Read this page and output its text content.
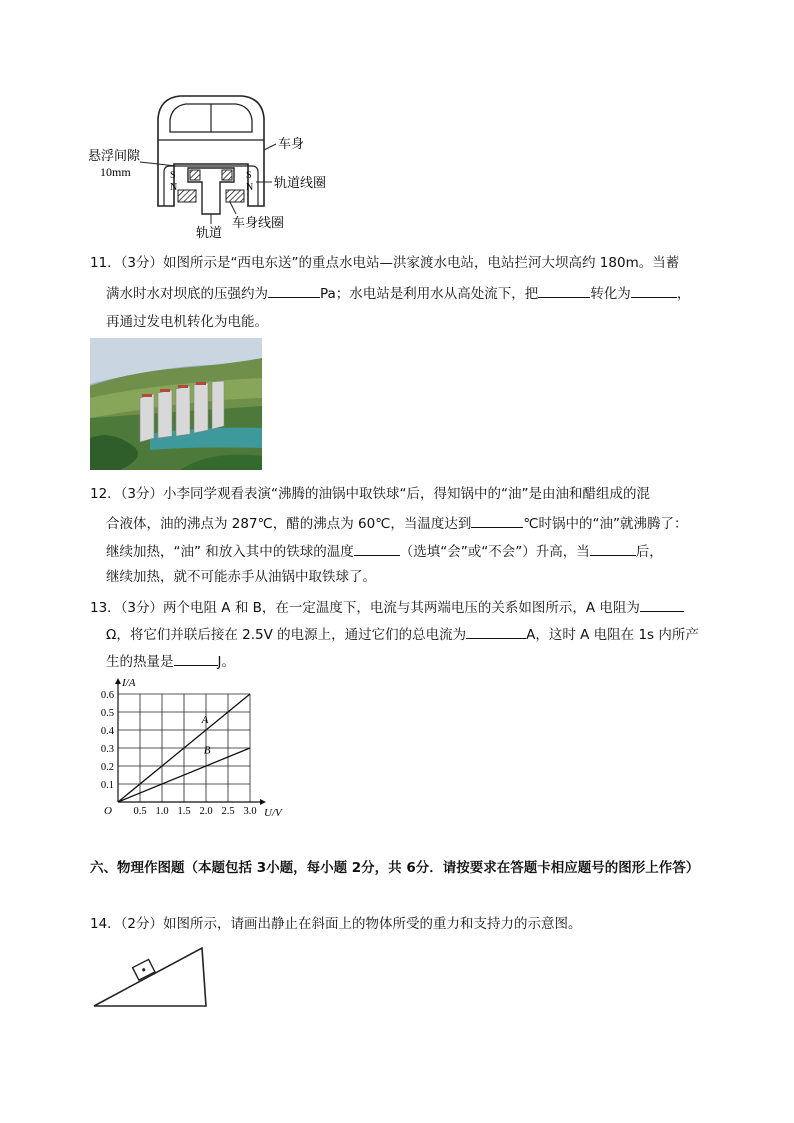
S
N
S
N
悬浮间隙
10mm
车身
轨道线圈
轨道
车身线圈
11．（3分）如图所示是“西电东送”的重点水电站—洪家渡水电站，电站拦河大坝高约 180m。当蓄
满水时水对坝底的压强约为	Pa；水电站是利用水从高处流下，把	转化为	，
再通过发电机转化为电能。
12．（3分）小李同学观看表演“沸腾的油锅中取铁球“后，得知锅中的“油”是由油和醋组成的混
合液体，油的沸点为 287℃，醋的沸点为 60℃，当温度达到	℃时锅中的“油”就沸腾了：
继续加热，“油” 和放入其中的铁球的温度	（选填“会”或“不会”）升高，当	后，
继续加热，就不可能赤手从油锅中取铁球了。
13．（3分）两个电阻 A 和 B，在一定温度下，电流与其两端电压的关系如图所示，A 电阻为
Ω，将它们并联后接在 2.5V 的电源上，通过它们的总电流为	A，这时 A 电阻在 1s 内所产
生的热量是	J。
O	U/V
I/A
0.5 1.0 1.5 2.0 2.5 3.0
0.1
0.2
0.3
0.4
0.5
0.6
A
B
六、物理作图题（本题包括 3小题，每小题 2分，共 6分．请按要求在答题卡相应题号的图形上作答）
14．（2分）如图所示，请画出静止在斜面上的物体所受的重力和支持力的示意图。
